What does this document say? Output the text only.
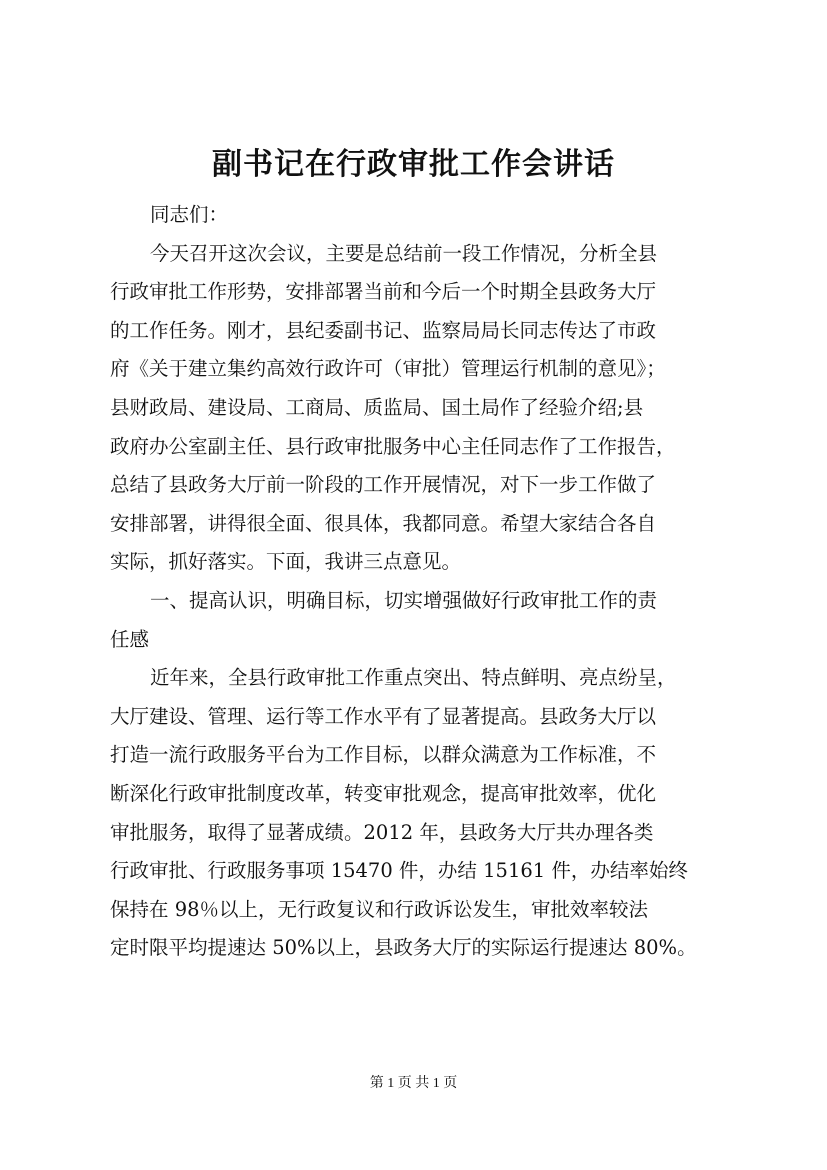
副书记在行政审批工作会讲话
同志们：
今天召开这次会议，主要是总结前一段工作情况，分析全县
行政审批工作形势，安排部署当前和今后一个时期全县政务大厅
的工作任务。刚才，县纪委副书记、监察局局长同志传达了市政
府《关于建立集约高效行政许可（审批）管理运行机制的意见》；
县财政局、建设局、工商局、质监局、国土局作了经验介绍;县
政府办公室副主任、县行政审批服务中心主任同志作了工作报告，
总结了县政务大厅前一阶段的工作开展情况，对下一步工作做了
安排部署，讲得很全面、很具体，我都同意。希望大家结合各自
实际，抓好落实。下面，我讲三点意见。
一、提高认识，明确目标，切实增强做好行政审批工作的责
任感
近年来，全县行政审批工作重点突出、特点鲜明、亮点纷呈，
大厅建设、管理、运行等工作水平有了显著提高。县政务大厅以
打造一流行政服务平台为工作目标，以群众满意为工作标准，不
断深化行政审批制度改革，转变审批观念，提高审批效率，优化
审批服务，取得了显著成绩。2012 年，县政务大厅共办理各类
行政审批、行政服务事项 15470 件，办结 15161 件，办结率始终
保持在 98％以上，无行政复议和行政诉讼发生，审批效率较法
定时限平均提速达 50%以上，县政务大厅的实际运行提速达 80%。
第 1 页 共 1 页
